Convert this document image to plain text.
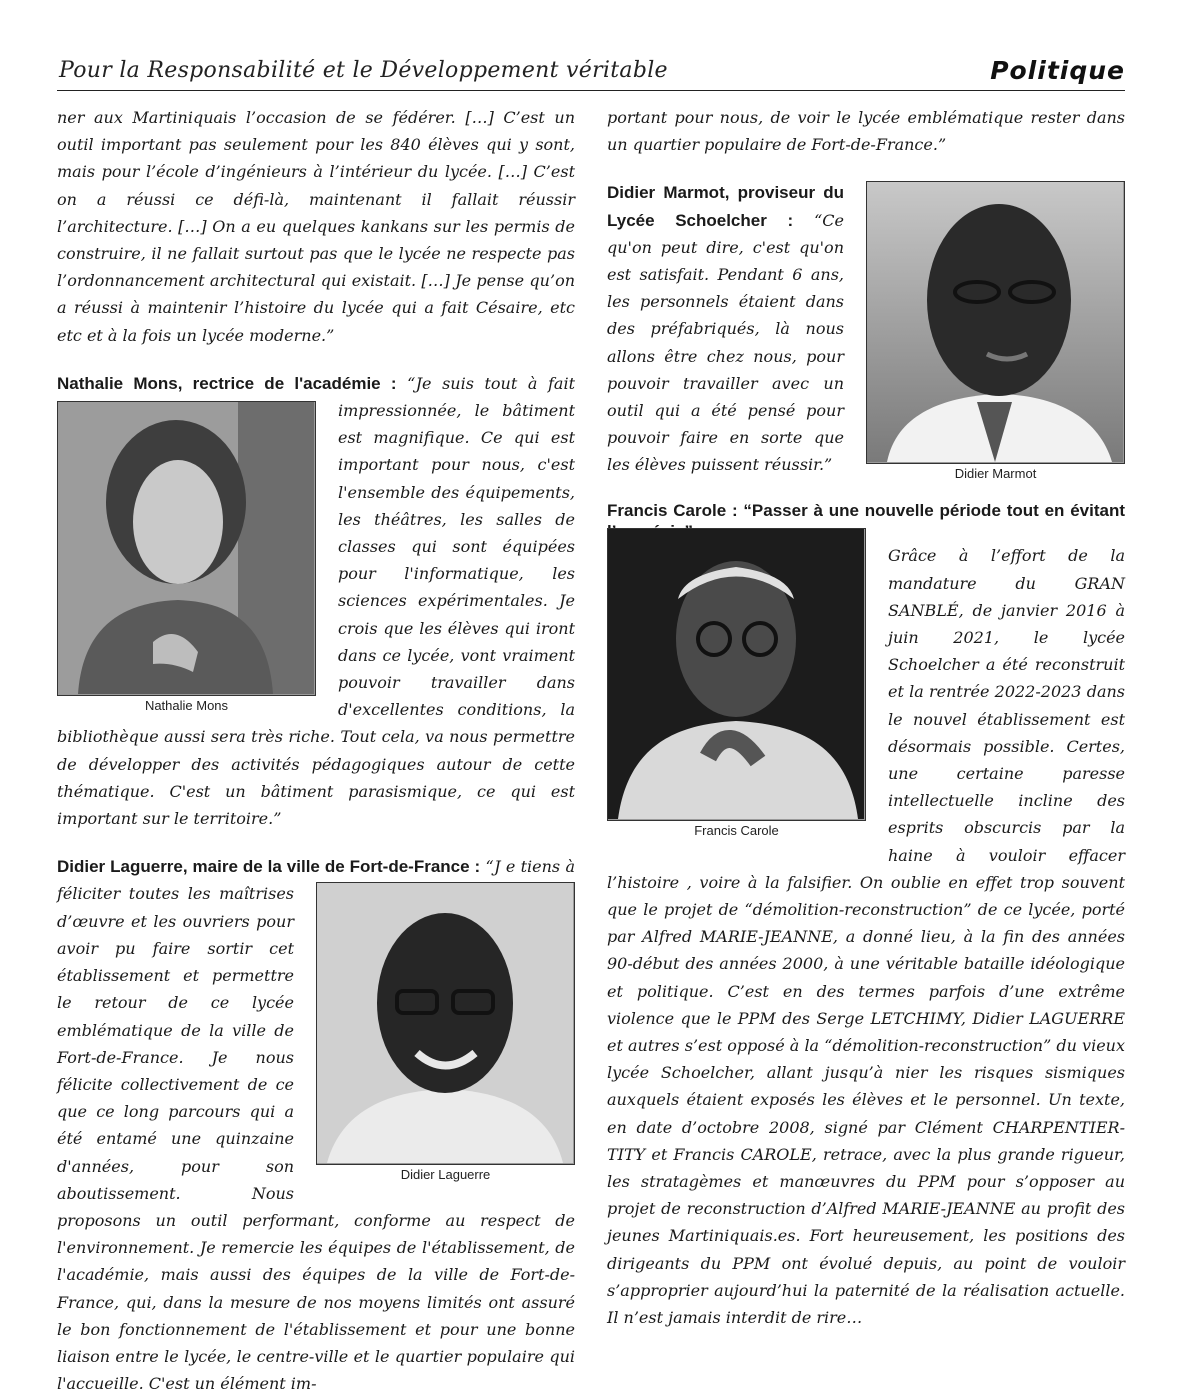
Pour la Responsabilité et le Développement véritable	Politique

ner aux Martiniquais l’occasion de se fédérer. […] C’est un outil important pas seulement pour les 840 élèves qui y sont, mais pour l’école d’ingénieurs à l’intérieur du lycée. […] C’est on a réussi ce défi-là, maintenant il fallait réussir l’architecture. […] On a eu quelques kankans sur les permis de construire, il ne fallait surtout pas que le lycée ne respecte pas l’ordonnancement architectural qui existait. […] Je pense qu’on a réussi à maintenir l’histoire du lycée qui a fait Césaire, etc etc et à la fois un lycée moderne.”

Nathalie Mons, rectrice de l'académie : “Je suis tout à fait
Nathalie Mons
impressionnée, le bâtiment est magnifique. Ce qui est important pour nous, c'est l'ensemble des équipements, les théâtres, les salles de classes qui sont équipées pour l'informatique, les sciences expérimentales. Je crois que les élèves qui iront dans ce lycée, vont vraiment pouvoir travailler dans d'excellentes conditions, la bibliothèque aussi sera très riche. Tout cela, va nous permettre de développer des activités pédagogiques autour de cette thématique. C'est un bâtiment parasismique, ce qui est important sur le territoire.”

Didier Laguerre, maire de la ville de Fort-de-France : “J
Didier Laguerre
e tiens à féliciter toutes les maîtrises d’œuvre et les ouvriers pour avoir pu faire sortir cet établissement et permettre le retour de ce lycée emblématique de la ville de Fort-de-France. Je nous félicite collectivement de ce que ce long parcours qui a été entamé une quinzaine d'années, pour son aboutissement. Nous proposons un outil performant, conforme au respect de l'environnement. Je remercie les équipes de l'établissement, de l'académie, mais aussi des équipes de la ville de Fort-de-France, qui, dans la mesure de nos moyens limités ont assuré le bon fonctionnement de l'établissement et pour une bonne liaison entre le lycée, le centre-ville et le quartier populaire qui l'accueille. C'est un élément im-

portant pour nous, de voir le lycée emblématique rester dans un quartier populaire de Fort-de-France.”

Didier Marmot

Didier Marmot, proviseur du Lycée Schoelcher : “Ce qu'on peut dire, c'est qu'on est satisfait. Pendant 6 ans, les personnels étaient dans des préfabriqués, là nous allons être chez nous, pour pouvoir travailler avec un outil qui a été pensé pour pouvoir faire en sorte que les élèves puissent réussir.”

Francis Carole : “Passer à une nouvelle période tout en évitant

Francis Carole

Grâce à l’effort de la mandature du GRAN SANBLÉ, de janvier 2016 à juin 2021, le lycée Schoelcher a été reconstruit et la rentrée 2022-2023 dans le nouvel établissement est désormais possible. Certes, une certaine paresse intellectuelle incline des esprits obscurcis par la haine à vouloir effacer l’histoire , voire à la falsifier. On oublie en effet trop souvent que le projet de “démolition-reconstruction” de ce lycée, porté par Alfred MARIE-JEANNE, a donné lieu, à la fin des années 90-début des années 2000, à une véritable bataille idéologique et politique. C’est en des termes parfois d’une extrême violence que le PPM des Serge LETCHIMY, Didier LAGUERRE et autres s’est opposé à la “démolition-reconstruction” du vieux lycée Schoelcher, allant jusqu’à nier les risques sismiques auxquels étaient exposés les élèves et le personnel. Un texte, en date d’octobre 2008, signé par Clément CHARPENTIER-TITY et Francis CAROLE, retrace, avec la plus grande rigueur, les stratagèmes et manœuvres du PPM pour s’opposer au projet de reconstruction d’Alfred MARIE-JEANNE au profit des jeunes Martiniquais.es. Fort heureusement, les positions des dirigeants du PPM ont évolué depuis, au point de vouloir s’approprier aujourd’hui la paternité de la réalisation actuelle. Il n’est jamais interdit de rire…
